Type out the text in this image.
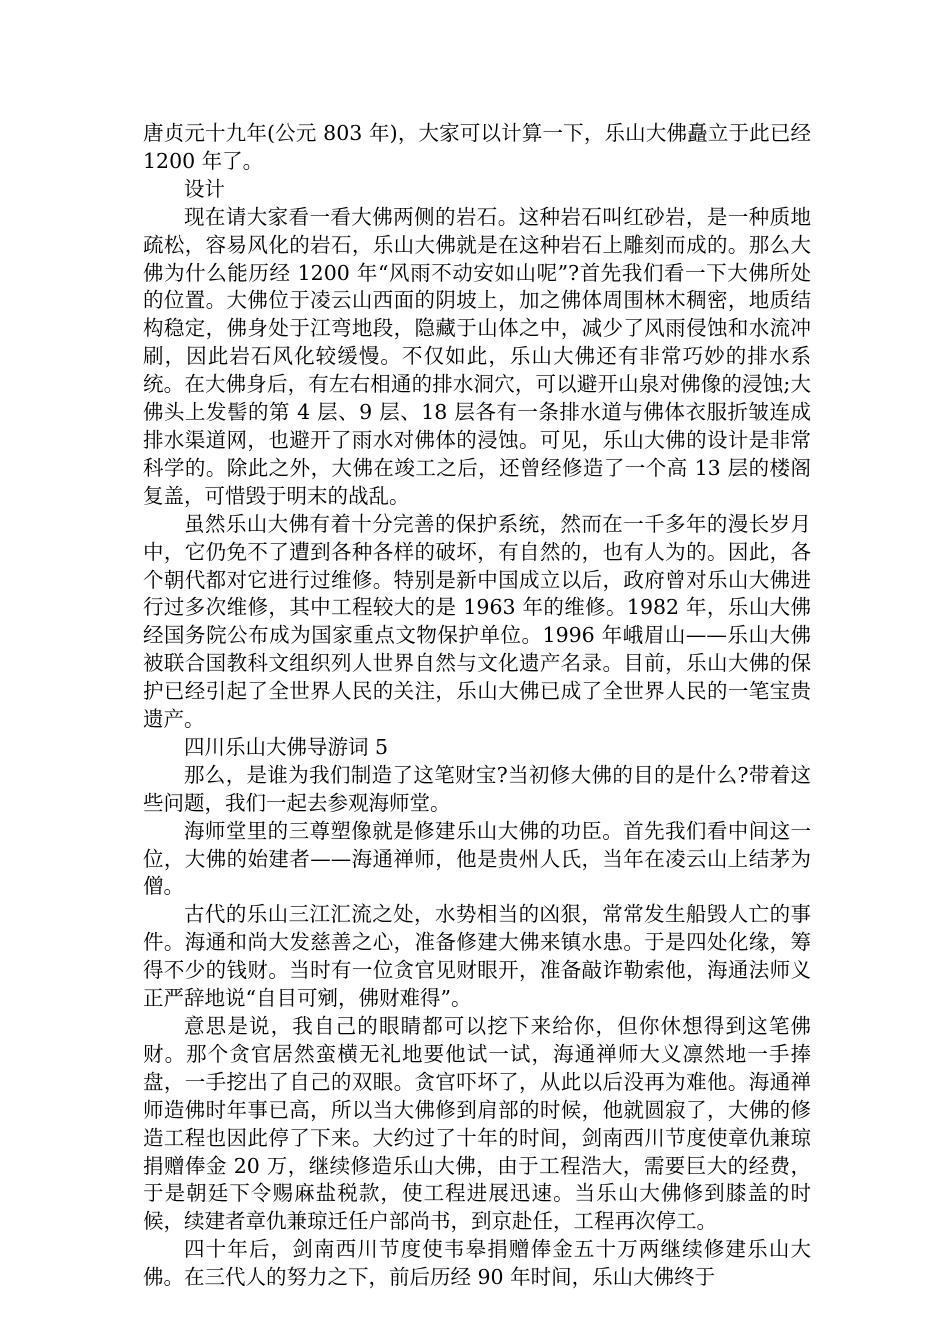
唐贞元十九年(公元 803 年)，大家可以计算一下，乐山大佛矗立于此已经 1200 年了。

设计

现在请大家看一看大佛两侧的岩石。这种岩石叫红砂岩，是一种质地疏松，容易风化的岩石，乐山大佛就是在这种岩石上雕刻而成的。那么大佛为什么能历经 1200 年“风雨不动安如山呢”?首先我们看一下大佛所处的位置。大佛位于凌云山西面的阴坡上，加之佛体周围林木稠密，地质结构稳定，佛身处于江弯地段，隐藏于山体之中，减少了风雨侵蚀和水流冲刷，因此岩石风化较缓慢。不仅如此，乐山大佛还有非常巧妙的排水系统。在大佛身后，有左右相通的排水洞穴，可以避开山泉对佛像的浸蚀;大佛头上发髻的第 4 层、9 层、18 层各有一条排水道与佛体衣服折皱连成排水渠道网，也避开了雨水对佛体的浸蚀。可见，乐山大佛的设计是非常科学的。除此之外，大佛在竣工之后，还曾经修造了一个高 13 层的楼阁复盖，可惜毁于明末的战乱。

虽然乐山大佛有着十分完善的保护系统，然而在一千多年的漫长岁月中，它仍免不了遭到各种各样的破坏，有自然的，也有人为的。因此，各个朝代都对它进行过维修。特别是新中国成立以后，政府曾对乐山大佛进行过多次维修，其中工程较大的是 1963 年的维修。1982 年，乐山大佛经国务院公布成为国家重点文物保护单位。1996 年峨眉山——乐山大佛被联合国教科文组织列人世界自然与文化遗产名录。目前，乐山大佛的保护已经引起了全世界人民的关注，乐山大佛已成了全世界人民的一笔宝贵遗产。

四川乐山大佛导游词 5

那么，是谁为我们制造了这笔财宝?当初修大佛的目的是什么?带着这些问题，我们一起去参观海师堂。

海师堂里的三尊塑像就是修建乐山大佛的功臣。首先我们看中间这一位，大佛的始建者——海通禅师，他是贵州人氏，当年在凌云山上结茅为僧。

古代的乐山三江汇流之处，水势相当的凶狠，常常发生船毁人亡的事件。海通和尚大发慈善之心，准备修建大佛来镇水患。于是四处化缘，筹得不少的钱财。当时有一位贪官见财眼开，准备敲诈勒索他，海通法师义正严辞地说“自目可剜，佛财难得”。

意思是说，我自己的眼睛都可以挖下来给你，但你休想得到这笔佛财。那个贪官居然蛮横无礼地要他试一试，海通禅师大义凛然地一手捧盘，一手挖出了自己的双眼。贪官吓坏了，从此以后没再为难他。海通禅师造佛时年事已高，所以当大佛修到肩部的时候，他就圆寂了，大佛的修造工程也因此停了下来。大约过了十年的时间，剑南西川节度使章仇兼琼捐赠俸金 20 万，继续修造乐山大佛，由于工程浩大，需要巨大的经费，于是朝廷下令赐麻盐税款，使工程进展迅速。当乐山大佛修到膝盖的时候，续建者章仇兼琼迁任户部尚书，到京赴任，工程再次停工。

四十年后，剑南西川节度使韦皋捐赠俸金五十万两继续修建乐山大佛。在三代人的努力之下，前后历经 90 年时间，乐山大佛终于
